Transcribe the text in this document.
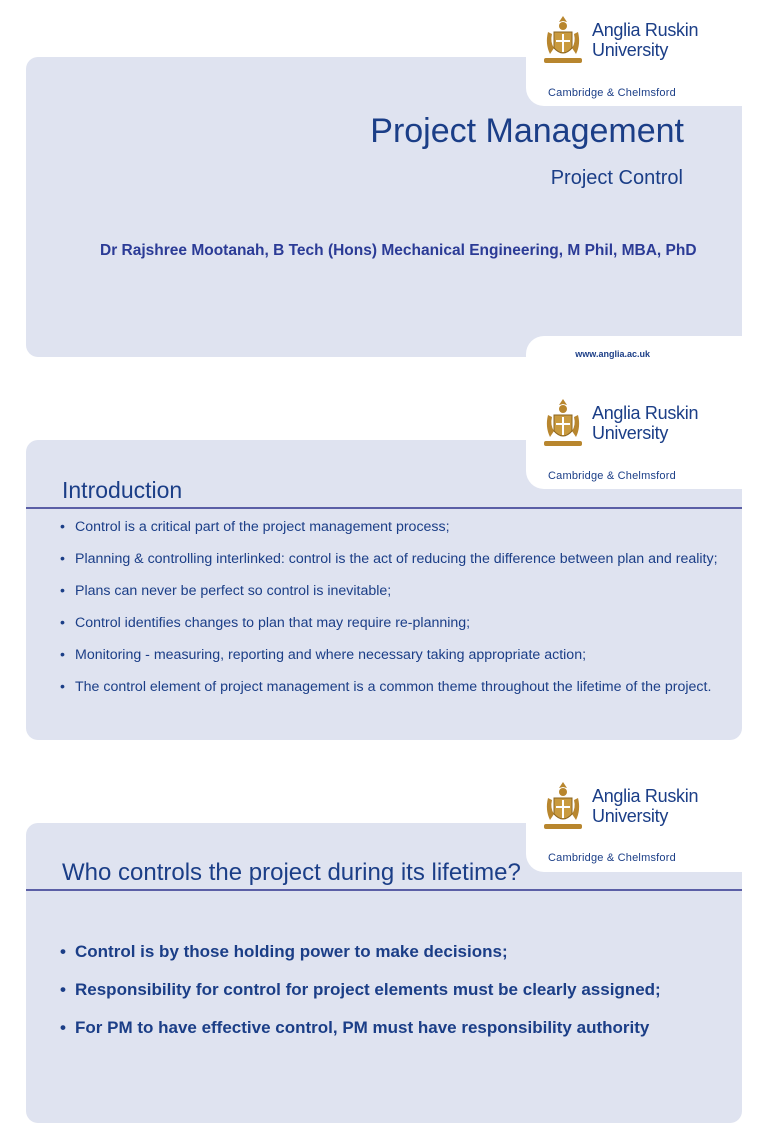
Anglia Ruskin
University
Cambridge & Chelmsford
Project Management
Project Control
Dr Rajshree Mootanah, B Tech (Hons) Mechanical Engineering, M Phil, MBA, PhD
www.anglia.ac.uk
Anglia Ruskin
University
Cambridge & Chelmsford
Introduction
• Control is a critical part of the project management process;
• Planning & controlling interlinked: control is the act of reducing the difference between plan and reality;
• Plans can never be perfect so control is inevitable;
• Control identifies changes to plan that may require re-planning;
• Monitoring - measuring, reporting and where necessary taking appropriate action;
• The control element of project management is a common theme throughout the lifetime of the project.
Anglia Ruskin
University
Cambridge & Chelmsford
Who controls the project during its lifetime?
• Control is by those holding power to make decisions;
• Responsibility for control for project elements must be clearly assigned;
• For PM to have effective control, PM must have responsibility authority
